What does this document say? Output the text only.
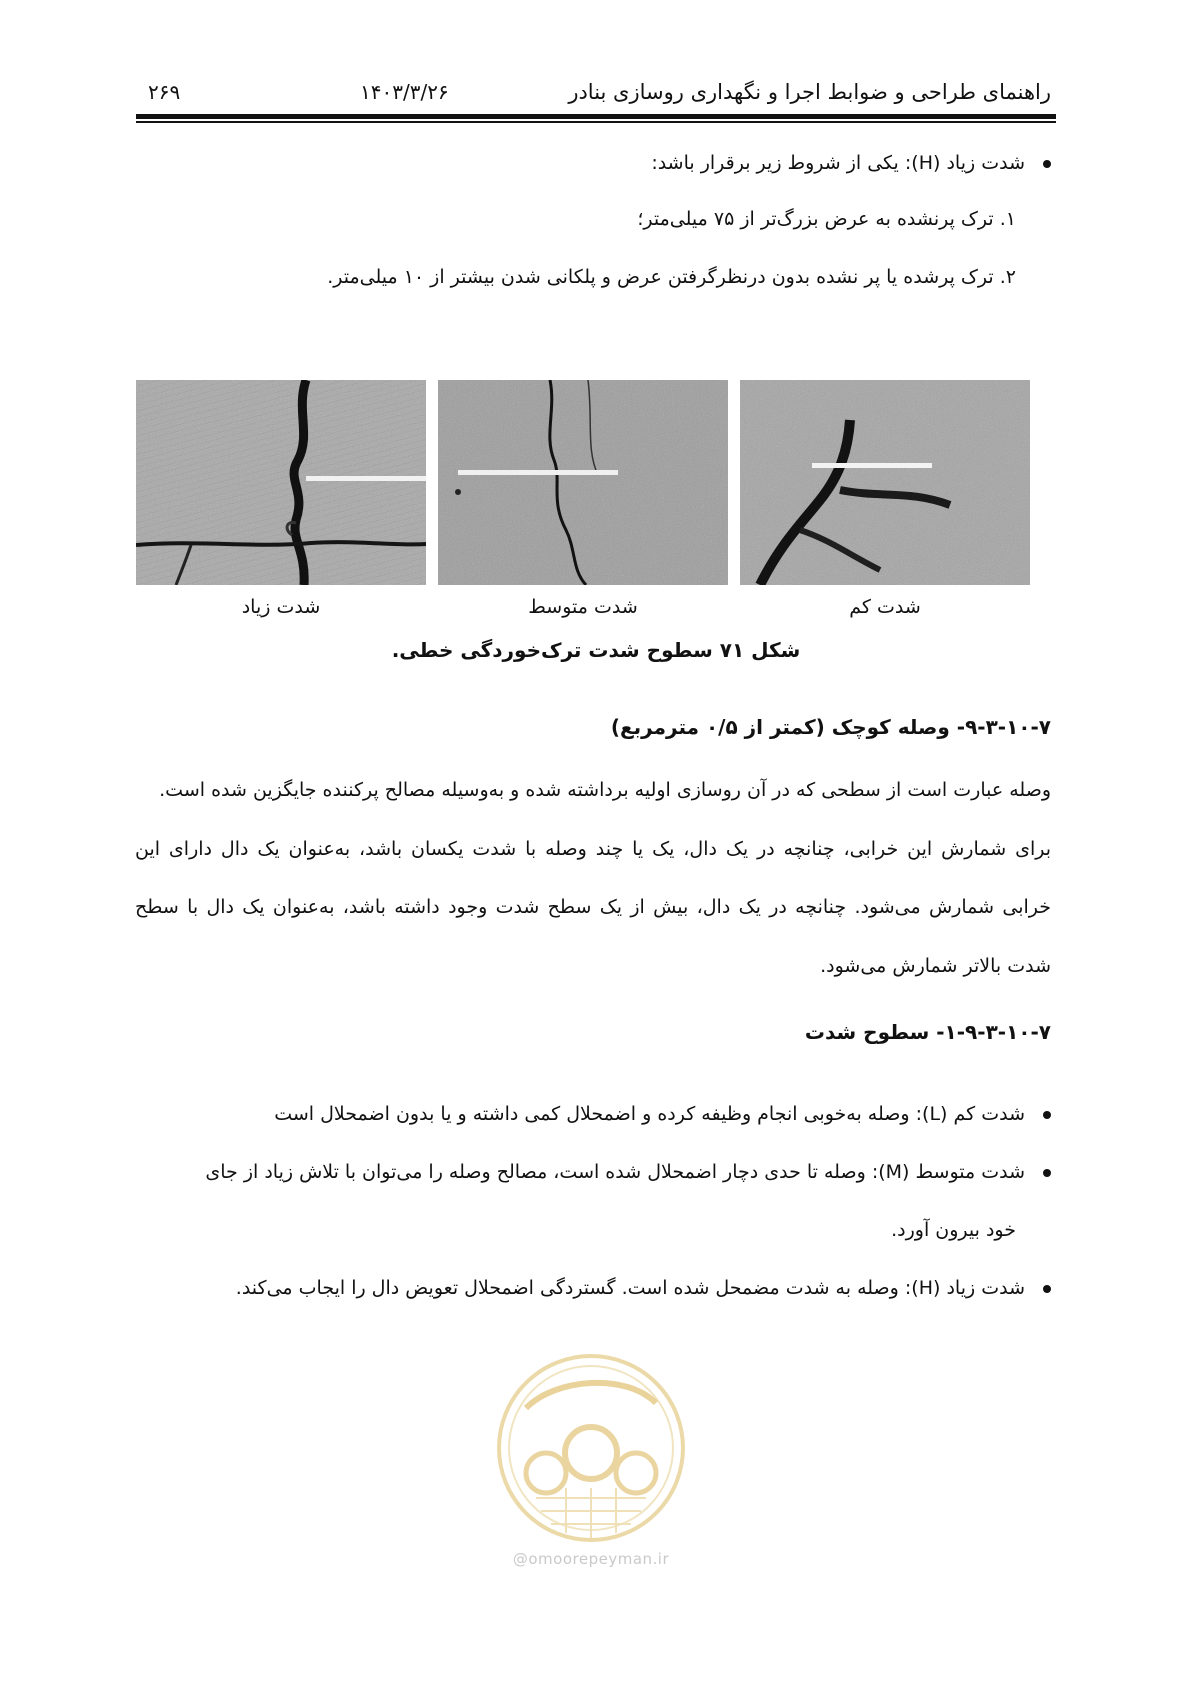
راهنمای طراحی و ضوابط اجرا و نگهداری روسازی بنادر
۱۴۰۳/۳/۲۶
۲۶۹
شدت زیاد (H): یکی از شروط زیر برقرار باشد:
۱. ترک پرنشده به عرض بزرگ‌تر از ۷۵ میلی‌متر؛
۲. ترک پرشده یا پر نشده بدون درنظرگرفتن عرض و پلکانی شدن بیشتر از ۱۰ میلی‌متر.
شدت زیاد	شدت متوسط	شدت کم
شکل ۷۱ سطوح شدت ترک‌خوردگی خطی.
۹-۳-۱۰-۷- وصله کوچک (کمتر از ۰/۵ مترمربع)
وصله عبارت است از سطحی که در آن روسازی اولیه برداشته شده و به‌وسیله مصالح پرکننده جایگزین شده است.
برای شمارش این خرابی، چنانچه در یک دال، یک یا چند وصله با شدت یکسان باشد، به‌عنوان یک دال دارای این
خرابی شمارش می‌شود. چنانچه در یک دال، بیش از یک سطح شدت وجود داشته باشد، به‌عنوان یک دال با سطح
شدت بالاتر شمارش می‌شود.
۱-۹-۳-۱۰-۷- سطوح شدت
شدت کم (L): وصله به‌خوبی انجام وظیفه کرده و اضمحلال کمی داشته و یا بدون اضمحلال است
شدت متوسط (M): وصله تا حدی دچار اضمحلال شده است، مصالح وصله را می‌توان با تلاش زیاد از جای
خود بیرون آورد.
شدت زیاد (H): وصله به شدت مضمحل شده است. گستردگی اضمحلال تعویض دال را ایجاب می‌کند.
@omoorepeyman.ir
